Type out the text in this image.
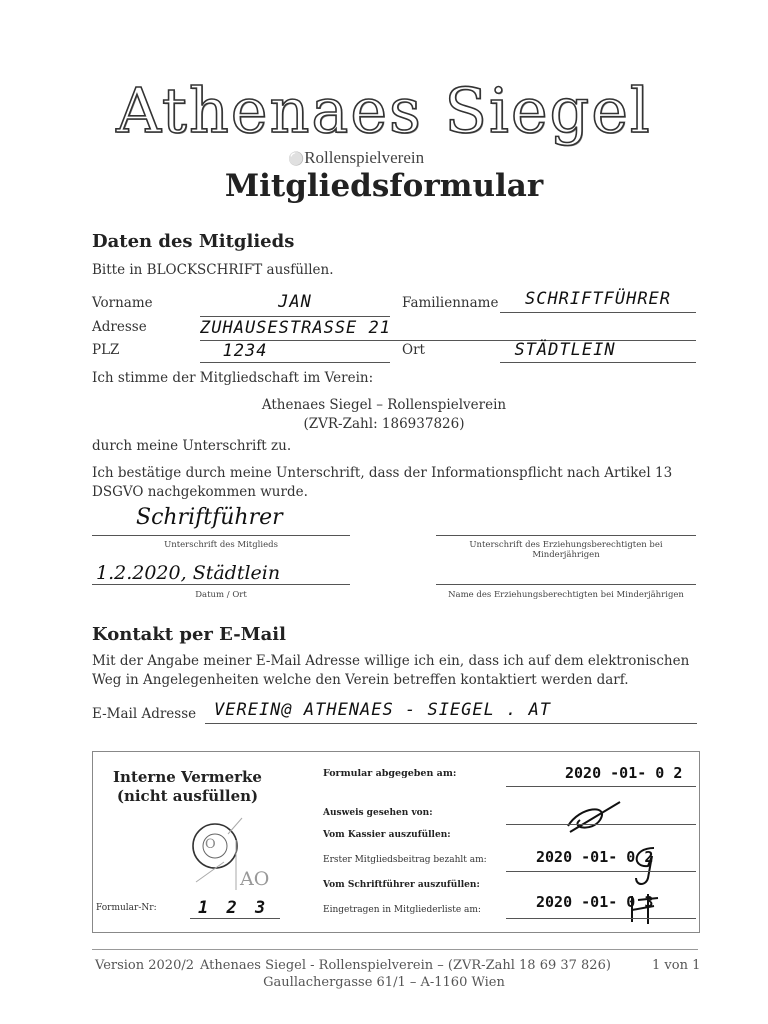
Athenaes Siegel
⚪Rollenspielverein
Mitgliedsformular
Daten des Mitglieds
Bitte in BLOCKSCHRIFT ausfüllen.
Vorname	JAN	Familienname	SCHRIFTFÜHRER
Adresse	ZUHAUSESTRASSE 21
PLZ	1234	Ort	STÄDTLEIN
Ich stimme der Mitgliedschaft im Verein:
Athenaes Siegel – Rollenspielverein
(ZVR-Zahl: 186937826)
durch meine Unterschrift zu.
Ich bestätige durch meine Unterschrift, dass der Informationspflicht nach Artikel 13 DSGVO nachgekommen wurde.
Schriftführer
Unterschrift des Mitglieds	Unterschrift des Erziehungsberechtigten bei Minderjährigen
1.2.2020, Städtlein
Datum / Ort	Name des Erziehungsberechtigten bei Minderjährigen
Kontakt per E-Mail
Mit der Angabe meiner E-Mail Adresse willige ich ein, dass ich auf dem elektronischen Weg in Angelegenheiten welche den Verein betreffen kontaktiert werden darf.
E-Mail Adresse VEREIN@ ATHENAES - SIEGEL . AT
Interne Vermerke
(nicht ausfüllen)
O
AO
Formular-Nr: 1 2 3
Formular abgegeben am:	2020 -01- 0 2
Ausweis gesehen von:
Vom Kassier auszufüllen:
Erster Mitgliedsbeitrag bezahlt am:	2020 -01- 0 2
Vom Schriftführer auszufüllen:
Eingetragen in Mitgliederliste am:	2020 -01- 0 3
Version 2020/2 Athenaes Siegel - Rollenspielverein – (ZVR-Zahl 18 69 37 826)
Gaullachergasse 61/1 – A-1160 Wien
1 von 1
